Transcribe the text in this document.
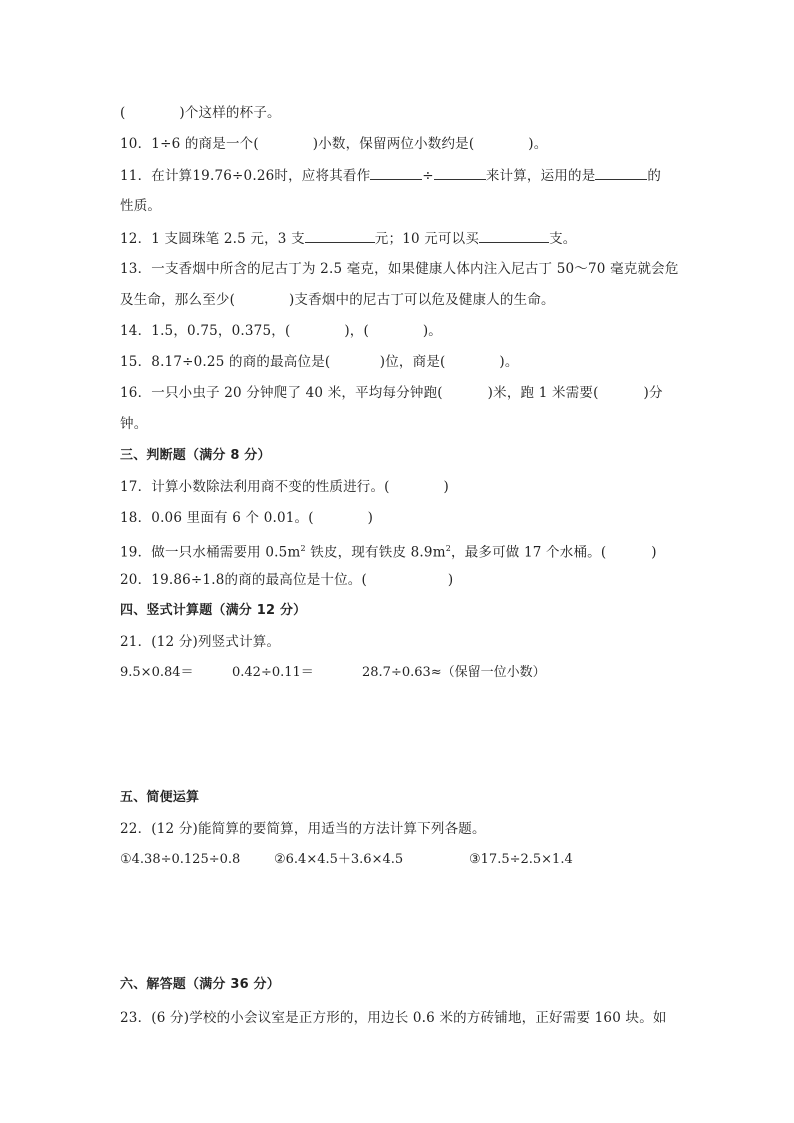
(            )个这样的杯子。
10．1÷6 的商是一个(            )小数，保留两位小数约是(            )。
11．在计算19.76÷0.26时，应将其看作	÷	来计算，运用的是	的
性质。
12．1 支圆珠笔 2.5 元，3 支	元；10 元可以买	支。
13．一支香烟中所含的尼古丁为 2.5 毫克，如果健康人体内注入尼古丁 50～70 毫克就会危
及生命，那么至少(            )支香烟中的尼古丁可以危及健康人的生命。
14．1.5，0.75，0.375，(            )，(            )。
15．8.17÷0.25 的商的最高位是(           )位，商是(            )。
16．一只小虫子 20 分钟爬了 40 米，平均每分钟跑(          )米，跑 1 米需要(          )分
钟。
三、判断题（满分 8 分）
17．计算小数除法利用商不变的性质进行。(            )
18．0.06 里面有 6 个 0.01。(            )
19．做一只水桶需要用 $0.5m^2$ 铁皮，现有铁皮 $8.9m^2$，最多可做 17 个水桶。(          )
20．19.86÷1.8的商的最高位是十位。(                  )
四、竖式计算题（满分 12 分）
21．(12 分)列竖式计算。
9.5×0.84＝	0.42÷0.11＝	28.7÷0.63≈（保留一位小数）
五、简便运算
22．(12 分)能简算的要简算，用适当的方法计算下列各题。
①4.38÷0.125÷0.8	②6.4×4.5＋3.6×4.5	③17.5÷2.5×1.4
六、解答题（满分 36 分）
23．(6 分)学校的小会议室是正方形的，用边长 0.6 米的方砖铺地，正好需要 160 块。如
